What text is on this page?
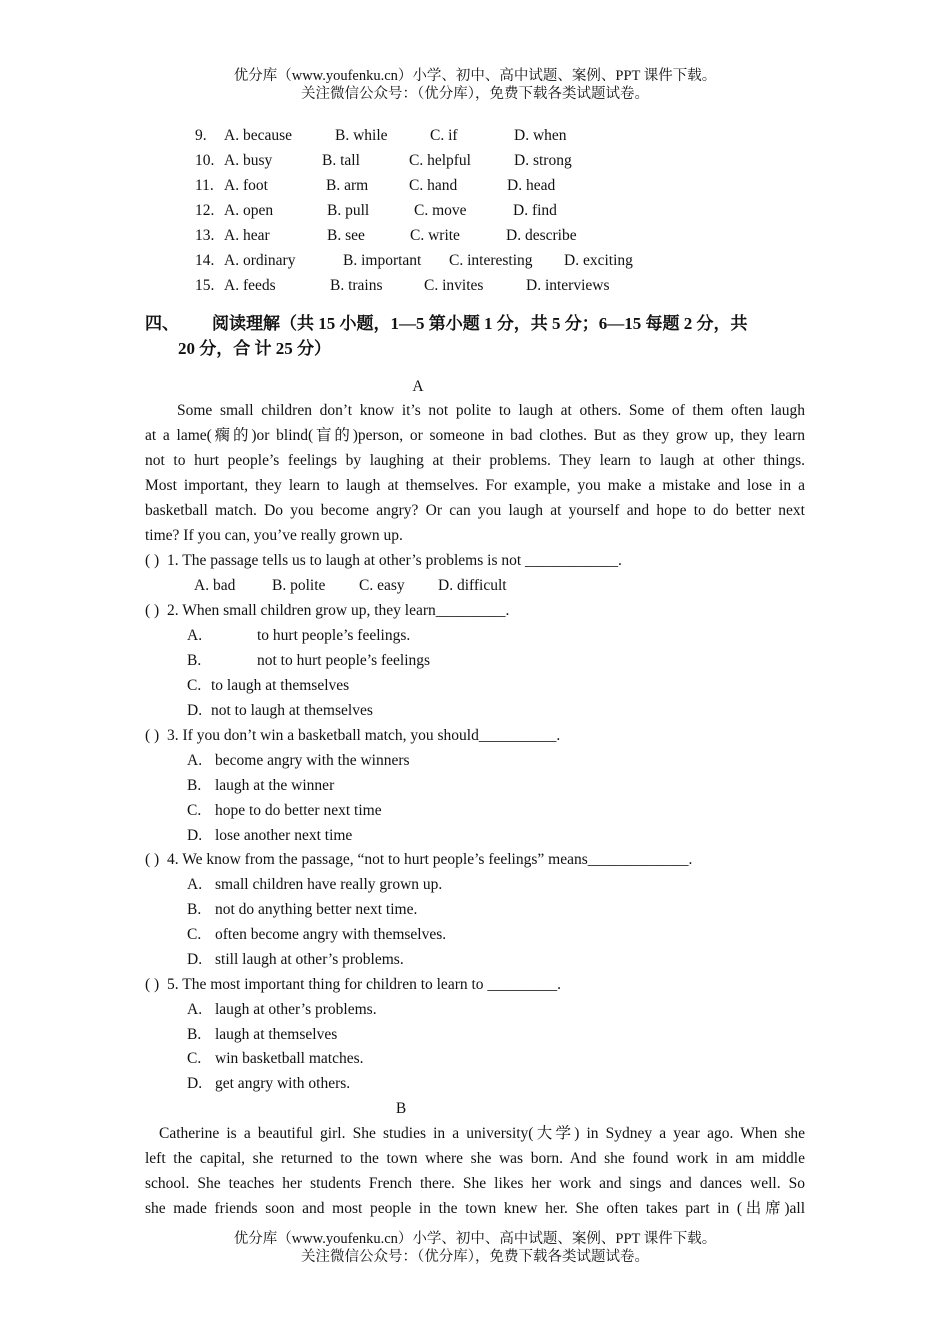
优分库（www.youfenku.cn）小学、初中、高中试题、案例、PPT 课件下载。
关注微信公众号：（优分库），免费下载各类试题试卷。
9. A. because	B. while	C. if	D. when
10. A. busy	B. tall	C. helpful	D. strong
11. A. foot	B. arm	C. hand	D. head
12. A. open	B. pull	C. move	D. find
13. A. hear	B. see	C. write	D. describe
14. A. ordinary	B. important C. interesting D. exciting
15. A. feeds	B. trains	C. invites	D. interviews
四、 阅读理解（共 15 小题，1—5 第小题 1 分，共 5 分；6—15 每题 2 分，共
20 分，合 计 25 分）
A
Some small children don’t know it’s not polite to laugh at others. Some of them often laugh
at a lame(瘸的)or blind(盲的)person, or someone in bad clothes. But as they grow up, they learn
not to hurt people’s feelings by laughing at their problems. They learn to laugh at other things.
Most important, they learn to laugh at themselves. For example, you make a mistake and lose in a
basketball match. Do you become angry? Or can you laugh at yourself and hope to do better next
time? If you can, you’ve really grown up.
( ) 1. The passage tells us to laugh at other’s problems is not ____________.
A. bad B. polite C. easy D. difficult
( ) 2. When small children grow up, they learn_________.
A.	to hurt people’s feelings.
B.	not to hurt people’s feelings
C. to laugh at themselves
D. not to laugh at themselves
( ) 3. If you don’t win a basketball match, you should__________.
A. become angry with the winners
B. laugh at the winner
C. hope to do better next time
D. lose another next time
( ) 4. We know from the passage, “not to hurt people’s feelings” means_____________.
A. small children have really grown up.
B. not do anything better next time.
C. often become angry with themselves.
D. still laugh at other’s problems.
( ) 5. The most important thing for children to learn to _________.
A. laugh at other’s problems.
B. laugh at themselves
C. win basketball matches.
D. get angry with others.
B
Catherine is a beautiful girl. She studies in a university(大学) in Sydney a year ago. When she
left the capital, she returned to the town where she was born. And she found work in am middle
school. She teaches her students French there. She likes her work and sings and dances well. So
she made friends soon and most people in the town knew her. She often takes part in (出席)all
优分库（www.youfenku.cn）小学、初中、高中试题、案例、PPT 课件下载。
关注微信公众号：（优分库），免费下载各类试题试卷。
